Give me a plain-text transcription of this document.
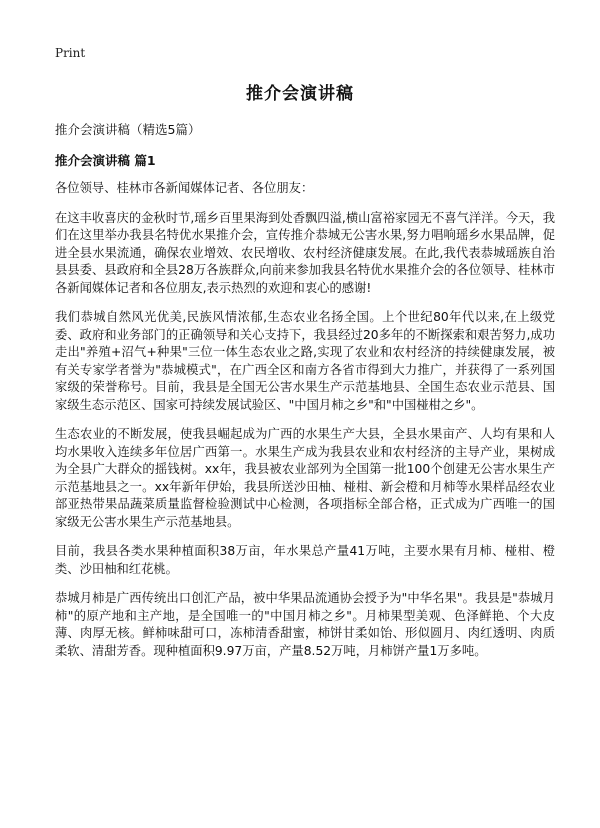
Print
推介会演讲稿

推介会演讲稿（精选5篇）

推介会演讲稿 篇1

各位领导、桂林市各新闻媒体记者、各位朋友：

在这丰收喜庆的金秋时节,瑶乡百里果海到处香飘四溢,横山富裕家园无不喜气洋洋。今天，我们在这里举办我县名特优水果推介会，宣传推介恭城无公害水果,努力唱响瑶乡水果品牌，促进全县水果流通，确保农业增效、农民增收、农村经济健康发展。在此,我代表恭城瑶族自治县县委、县政府和全县28万各族群众,向前来参加我县名特优水果推介会的各位领导、桂林市各新闻媒体记者和各位朋友,表示热烈的欢迎和衷心的感谢!

我们恭城自然风光优美,民族风情浓郁,生态农业名扬全国。上个世纪80年代以来,在上级党委、政府和业务部门的正确领导和关心支持下，我县经过20多年的不断探索和艰苦努力,成功走出"养殖+沼气+种果"三位一体生态农业之路,实现了农业和农村经济的持续健康发展，被有关专家学者誉为"恭城模式"，在广西全区和南方各省市得到大力推广，并获得了一系列国家级的荣誉称号。目前，我县是全国无公害水果生产示范基地县、全国生态农业示范县、国家级生态示范区、国家可持续发展试验区、"中国月柿之乡"和"中国椪柑之乡"。

生态农业的不断发展，使我县崛起成为广西的水果生产大县，全县水果亩产、人均有果和人均水果收入连续多年位居广西第一。水果生产成为我县农业和农村经济的主导产业，果树成为全县广大群众的摇钱树。xx年，我县被农业部列为全国第一批100个创建无公害水果生产示范基地县之一。xx年新年伊始，我县所送沙田柚、椪柑、新会橙和月柿等水果样品经农业部亚热带果品蔬菜质量监督检验测试中心检测，各项指标全部合格，正式成为广西唯一的国家级无公害水果生产示范基地县。

目前，我县各类水果种植面积38万亩，年水果总产量41万吨，主要水果有月柿、椪柑、橙类、沙田柚和红花桃。

恭城月柿是广西传统出口创汇产品，被中华果品流通协会授予为"中华名果"。我县是"恭城月柿"的原产地和主产地，是全国唯一的"中国月柿之乡"。月柿果型美观、色泽鲜艳、个大皮薄、肉厚无核。鲜柿味甜可口，冻柿清香甜蜜，柿饼甘柔如饴、形似圆月、肉红透明、肉质柔软、清甜芳香。现种植面积9.97万亩，产量8.52万吨，月柿饼产量1万多吨。
